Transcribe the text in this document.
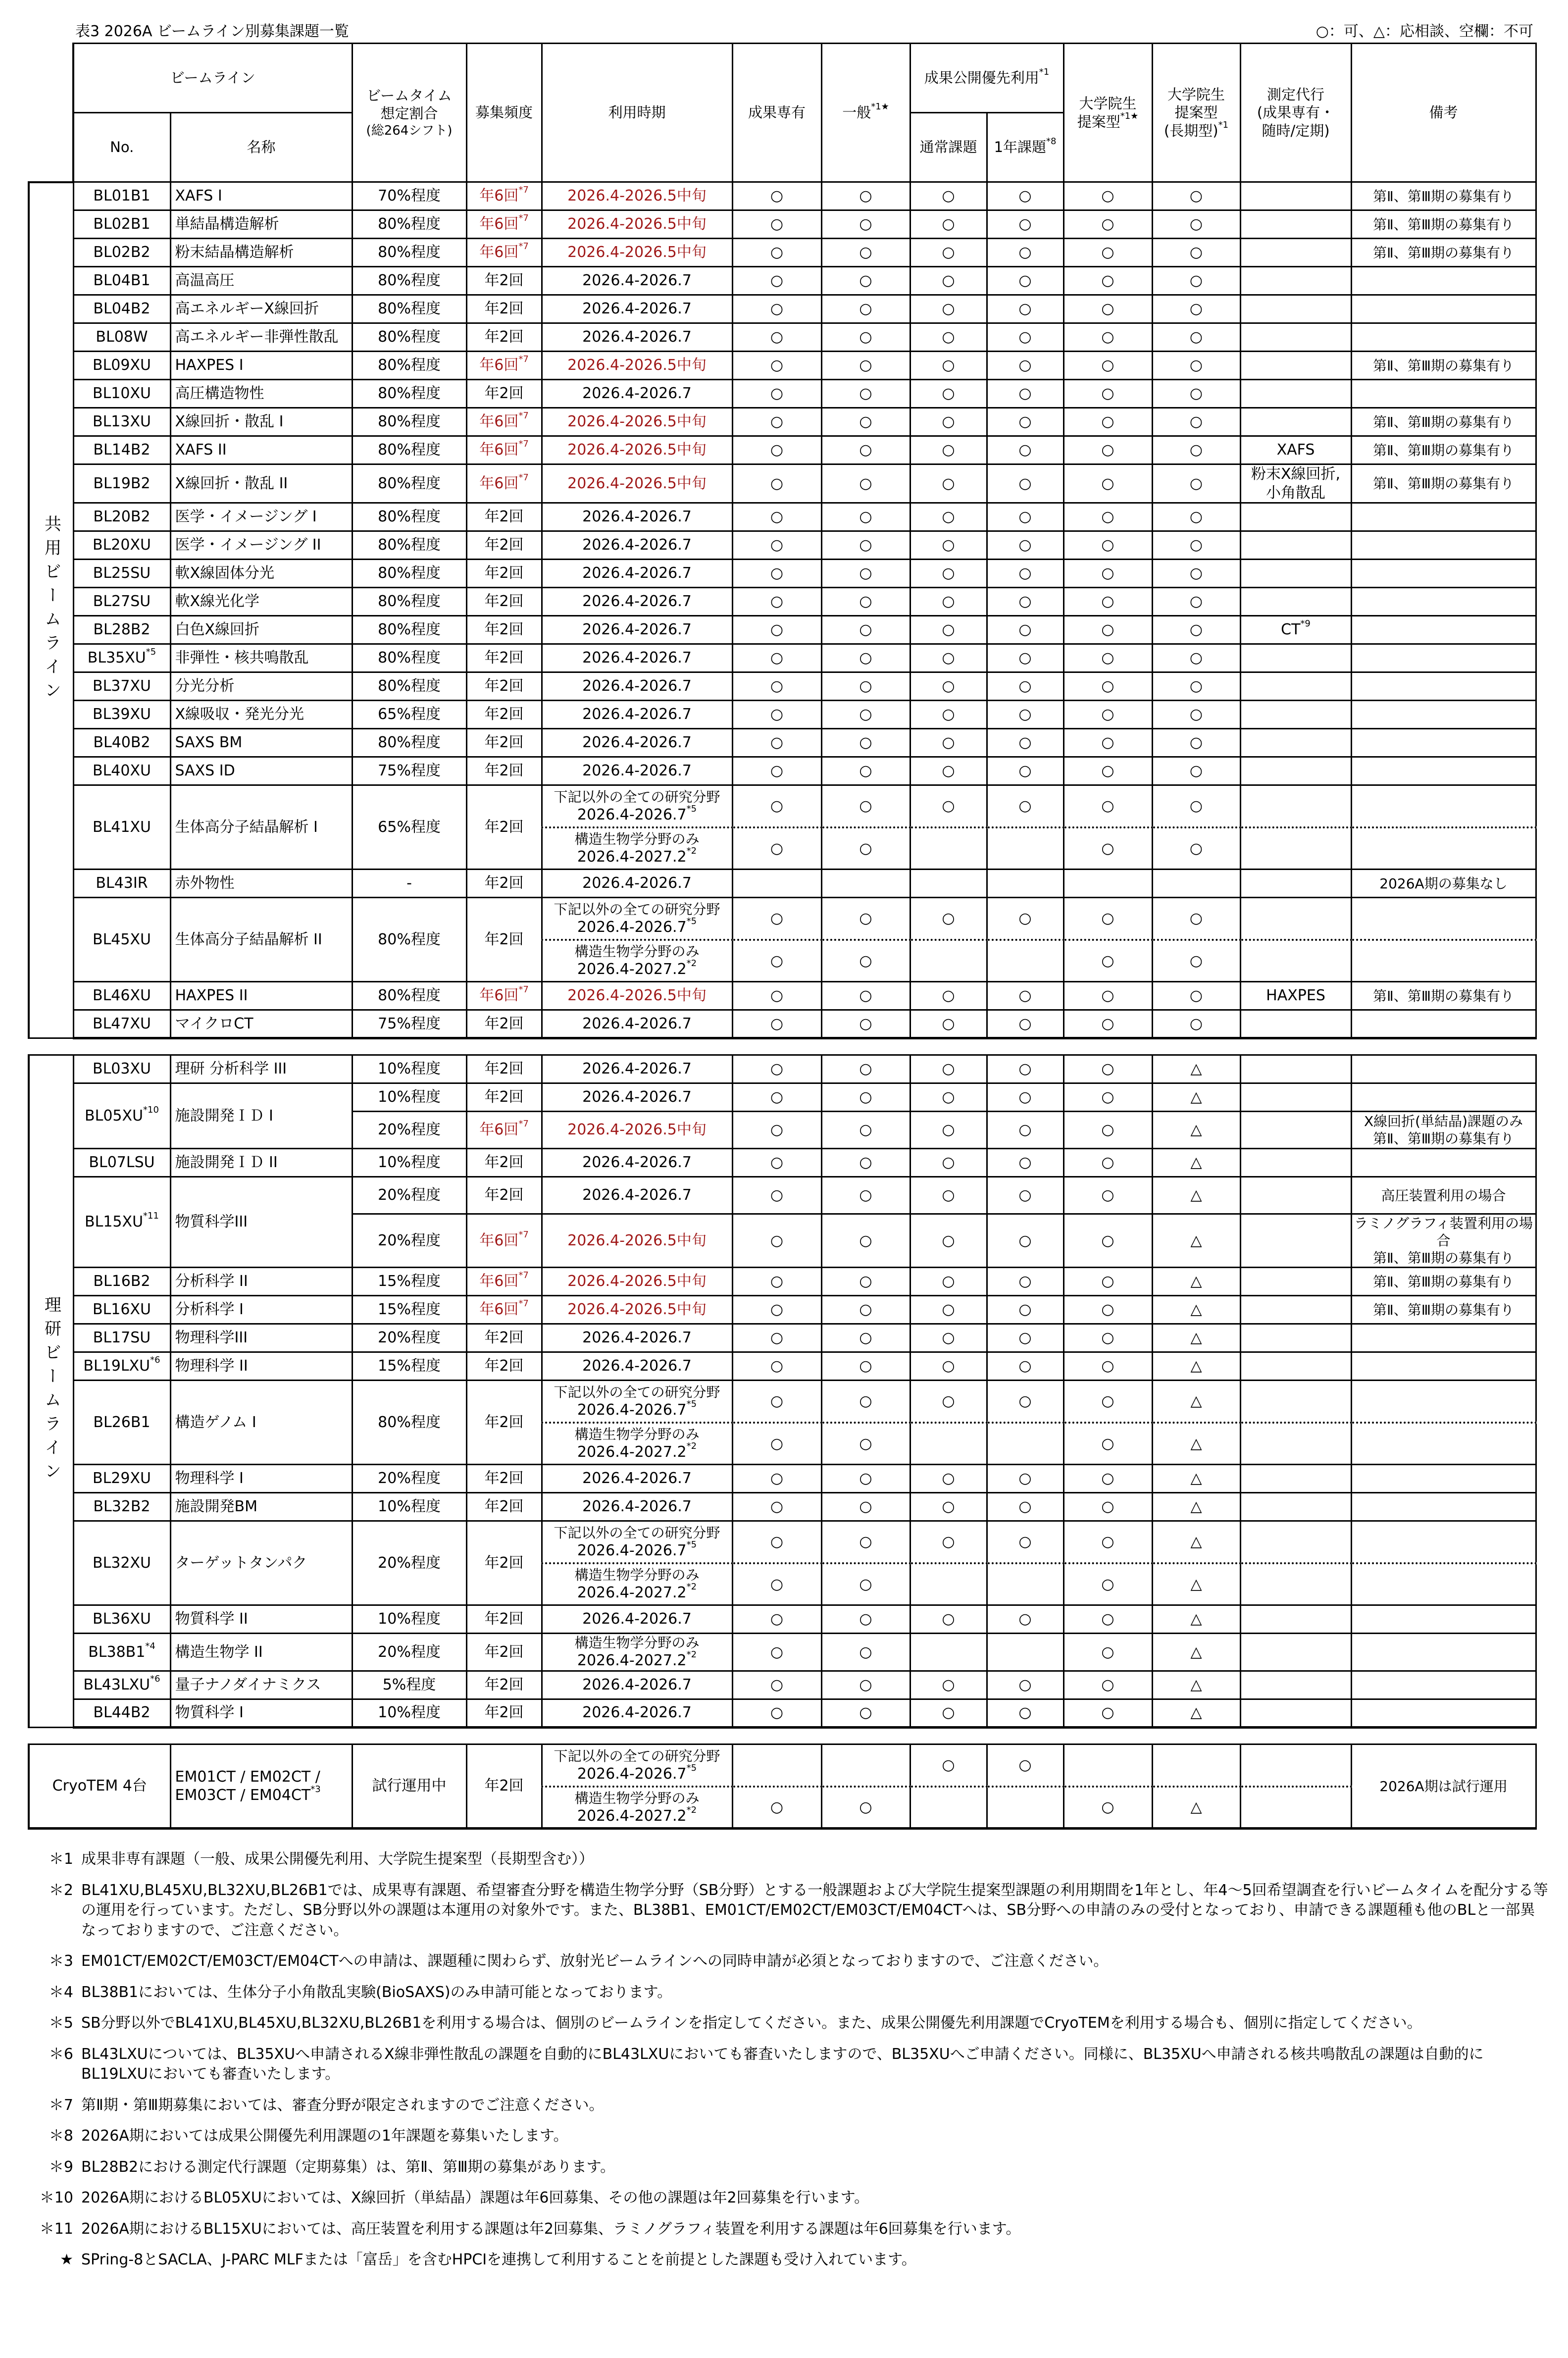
表3 2026A ビームライン別募集課題一覧	○：可、△：応相談、空欄：不可
	ビームライン		ビームタイム
想定割合

(総264シフト)	募集頻度	利用時期	成果専有	一般$^{*1★}$	成果公開優先利用$^{*1}$		大学院生
提案型$^{*1★}$	大学院生
提案型
(長期型)$^{*1}$	測定代行
(成果専有・
随時/定期)	備考
	No.	名称						通常課題	1年課題$^{*8}$
共用ビームライン	BL01B1	XAFS I	70%程度	年6回$^{*7}$	2026.4-2026.5中旬	○	○	○	○	○	○		第Ⅱ、第Ⅲ期の募集有り
	BL02B1	単結晶構造解析	80%程度	年6回$^{*7}$	2026.4-2026.5中旬	○	○	○	○	○	○		第Ⅱ、第Ⅲ期の募集有り
	BL02B2	粉末結晶構造解析	80%程度	年6回$^{*7}$	2026.4-2026.5中旬	○	○	○	○	○	○		第Ⅱ、第Ⅲ期の募集有り
	BL04B1	高温高圧	80%程度	年2回	2026.4-2026.7	○	○	○	○	○	○		
	BL04B2	高エネルギーX線回折	80%程度	年2回	2026.4-2026.7	○	○	○	○	○	○		
	BL08W	高エネルギー非弾性散乱	80%程度	年2回	2026.4-2026.7	○	○	○	○	○	○		
	BL09XU	HAXPES I	80%程度	年6回$^{*7}$	2026.4-2026.5中旬	○	○	○	○	○	○		第Ⅱ、第Ⅲ期の募集有り
	BL10XU	高圧構造物性	80%程度	年2回	2026.4-2026.7	○	○	○	○	○	○		
	BL13XU	X線回折・散乱 I	80%程度	年6回$^{*7}$	2026.4-2026.5中旬	○	○	○	○	○	○		第Ⅱ、第Ⅲ期の募集有り
	BL14B2	XAFS II	80%程度	年6回$^{*7}$	2026.4-2026.5中旬	○	○	○	○	○	○	XAFS	第Ⅱ、第Ⅲ期の募集有り
	BL19B2	X線回折・散乱 II	80%程度	年6回$^{*7}$	2026.4-2026.5中旬	○	○	○	○	○	○	粉末X線回折,
小角散乱	第Ⅱ、第Ⅲ期の募集有り
	BL20B2	医学・イメージング I	80%程度	年2回	2026.4-2026.7	○	○	○	○	○	○		
	BL20XU	医学・イメージング II	80%程度	年2回	2026.4-2026.7	○	○	○	○	○	○		
	BL25SU	軟X線固体分光	80%程度	年2回	2026.4-2026.7	○	○	○	○	○	○		
	BL27SU	軟X線光化学	80%程度	年2回	2026.4-2026.7	○	○	○	○	○	○		
	BL28B2	白色X線回折	80%程度	年2回	2026.4-2026.7	○	○	○	○	○	○	CT$^{*9}$	
	BL35XU$^{*5}$	非弾性・核共鳴散乱	80%程度	年2回	2026.4-2026.7	○	○	○	○	○	○		
	BL37XU	分光分析	80%程度	年2回	2026.4-2026.7	○	○	○	○	○	○		
	BL39XU	X線吸収・発光分光	65%程度	年2回	2026.4-2026.7	○	○	○	○	○	○		
	BL40B2	SAXS BM	80%程度	年2回	2026.4-2026.7	○	○	○	○	○	○		
	BL40XU	SAXS ID	75%程度	年2回	2026.4-2026.7	○	○	○	○	○	○		
	BL41XU	生体高分子結晶解析 I	65%程度	年2回	下記以外の全ての研究分野
2026.4-2026.7$^{*5}$	○	○	○	○	○	○		

					構造生物学分野のみ
2026.4-2027.2$^{*2}$	○	○			○	○		
	BL43IR	赤外物性	-	年2回	2026.4-2026.7								2026A期の募集なし
	BL45XU	生体高分子結晶解析 II	80%程度	年2回	下記以外の全ての研究分野
2026.4-2026.7$^{*5}$	○	○	○	○	○	○		

					構造生物学分野のみ
2026.4-2027.2$^{*2}$	○	○			○	○		
	BL46XU	HAXPES II	80%程度	年6回$^{*7}$	2026.4-2026.5中旬	○	○	○	○	○	○	HAXPES	第Ⅱ、第Ⅲ期の募集有り
	BL47XU	マイクロCT	75%程度	年2回	2026.4-2026.7	○	○	○	○	○	○		
理研ビームライン	BL03XU	理研 分析科学 III	10%程度	年2回	2026.4-2026.7	○	○	○	○	○	△		
	BL05XU$^{*10}$	施設開発ＩＤ I	10%程度	年2回	2026.4-2026.7	○	○	○	○	○	△		
			20%程度	年6回$^{*7}$	2026.4-2026.5中旬	○	○	○	○	○	△		X線回折(単結晶)課題のみ
第Ⅱ、第Ⅲ期の募集有り
	BL07LSU	施設開発ＩＤ II	10%程度	年2回	2026.4-2026.7	○	○	○	○	○	△		
	BL15XU$^{*11}$	物質科学III	20%程度	年2回	2026.4-2026.7	○	○	○	○	○	△		高圧装置利用の場合
			20%程度	年6回$^{*7}$	2026.4-2026.5中旬	○	○	○	○	○	△		ラミノグラフィ装置利用の場合
第Ⅱ、第Ⅲ期の募集有り
	BL16B2	分析科学 II	15%程度	年6回$^{*7}$	2026.4-2026.5中旬	○	○	○	○	○	△		第Ⅱ、第Ⅲ期の募集有り
	BL16XU	分析科学 I	15%程度	年6回$^{*7}$	2026.4-2026.5中旬	○	○	○	○	○	△		第Ⅱ、第Ⅲ期の募集有り
	BL17SU	物理科学III	20%程度	年2回	2026.4-2026.7	○	○	○	○	○	△		
	BL19LXU$^{*6}$	物理科学 II	15%程度	年2回	2026.4-2026.7	○	○	○	○	○	△		
	BL26B1	構造ゲノム I	80%程度	年2回	下記以外の全ての研究分野
2026.4-2026.7$^{*5}$	○	○	○	○	○	△		

					構造生物学分野のみ
2026.4-2027.2$^{*2}$	○	○			○	△		
	BL29XU	物理科学 I	20%程度	年2回	2026.4-2026.7	○	○	○	○	○	△		
	BL32B2	施設開発BM	10%程度	年2回	2026.4-2026.7	○	○	○	○	○	△		
	BL32XU	ターゲットタンパク	20%程度	年2回	下記以外の全ての研究分野
2026.4-2026.7$^{*5}$	○	○	○	○	○	△		

					構造生物学分野のみ
2026.4-2027.2$^{*2}$	○	○			○	△		
	BL36XU	物質科学 II	10%程度	年2回	2026.4-2026.7	○	○	○	○	○	△		
	BL38B1$^{*4}$	構造生物学 II	20%程度	年2回	構造生物学分野のみ
2026.4-2027.2$^{*2}$	○	○			○	△		
	BL43LXU$^{*6}$	量子ナノダイナミクス	5%程度	年2回	2026.4-2026.7	○	○	○	○	○	△		
	BL44B2	物質科学 I	10%程度	年2回	2026.4-2026.7	○	○	○	○	○	△		
CryoTEM 4台	EM01CT / EM02CT /
EM03CT / EM04CT$^{*3}$	試行運用中	年2回	下記以外の全ての研究分野
2026.4-2026.7$^{*5}$			○	○				2026A期は試行運用

				構造生物学分野のみ
2026.4-2027.2$^{*2}$	○	○			○	△		
＊1 成果非専有課題（一般、成果公開優先利用、大学院生提案型（長期型含む））
＊2 BL41XU,BL45XU,BL32XU,BL26B1では、成果専有課題、希望審査分野を構造生物学分野（SB分野）とする一般課題および大学院生提案型課題の利用期間を1年とし、年4～5回希望調査を行いビームタイムを配分する等の運用を行っています。ただし、SB分野以外の課題は本運用の対象外です。また、BL38B1、EM01CT/EM02CT/EM03CT/EM04CTへは、SB分野への申請のみの受付となっており、申請できる課題種も他のBLと一部異なっておりますので、ご注意ください。
＊3 EM01CT/EM02CT/EM03CT/EM04CTへの申請は、課題種に関わらず、放射光ビームラインへの同時申請が必須となっておりますので、ご注意ください。
＊4 BL38B1においては、生体分子小角散乱実験(BioSAXS)のみ申請可能となっております。
＊5 SB分野以外でBL41XU,BL45XU,BL32XU,BL26B1を利用する場合は、個別のビームラインを指定してください。また、成果公開優先利用課題でCryoTEMを利用する場合も、個別に指定してください。
＊6 BL43LXUについては、BL35XUへ申請されるX線非弾性散乱の課題を自動的にBL43LXUにおいても審査いたしますので、BL35XUへご申請ください。同様に、BL35XUへ申請される核共鳴散乱の課題は自動的にBL19LXUにおいても審査いたします。
＊7 第Ⅱ期・第Ⅲ期募集においては、審査分野が限定されますのでご注意ください。
＊8 2026A期においては成果公開優先利用課題の1年課題を募集いたします。
＊9 BL28B2における測定代行課題（定期募集）は、第Ⅱ、第Ⅲ期の募集があります。
＊10 2026A期におけるBL05XUにおいては、X線回折（単結晶）課題は年6回募集、その他の課題は年2回募集を行います。
＊11 2026A期におけるBL15XUにおいては、高圧装置を利用する課題は年2回募集、ラミノグラフィ装置を利用する課題は年6回募集を行います。
★ SPring-8とSACLA、J-PARC MLFまたは「富岳」を含むHPCIを連携して利用することを前提とした課題も受け入れています。
